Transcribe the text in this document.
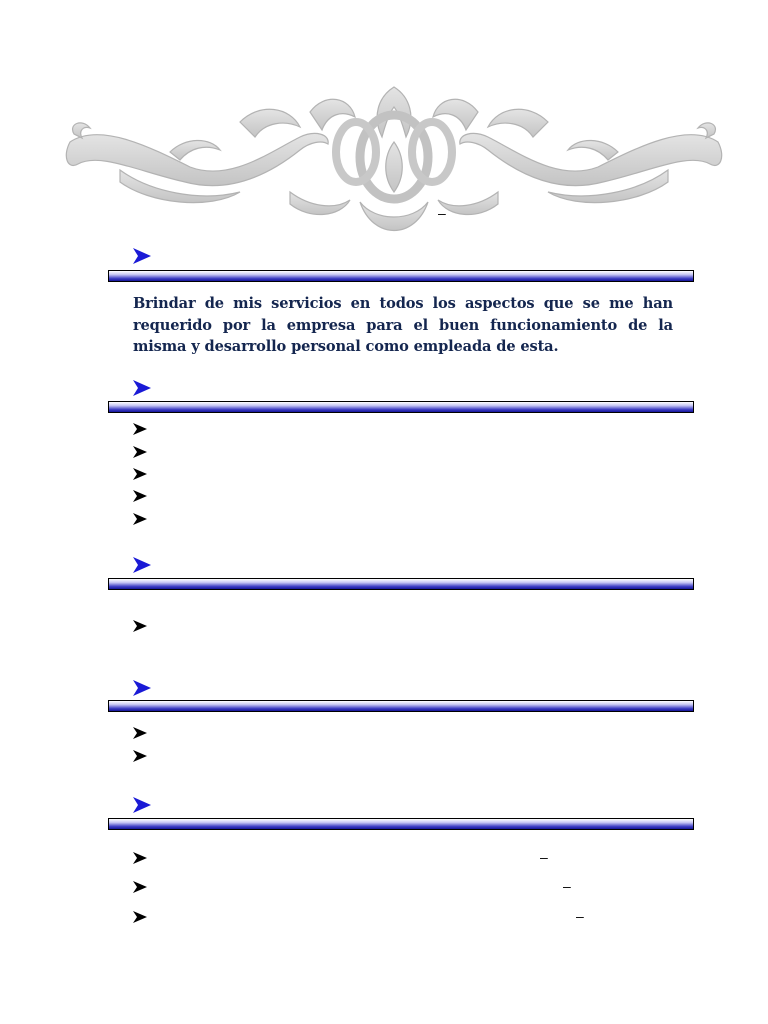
–

Brindar de mis servicios en todos los aspectos que se me han requerido por la empresa para el buen funcionamiento de la misma y desarrollo personal como empleada de esta.

–
–
–
